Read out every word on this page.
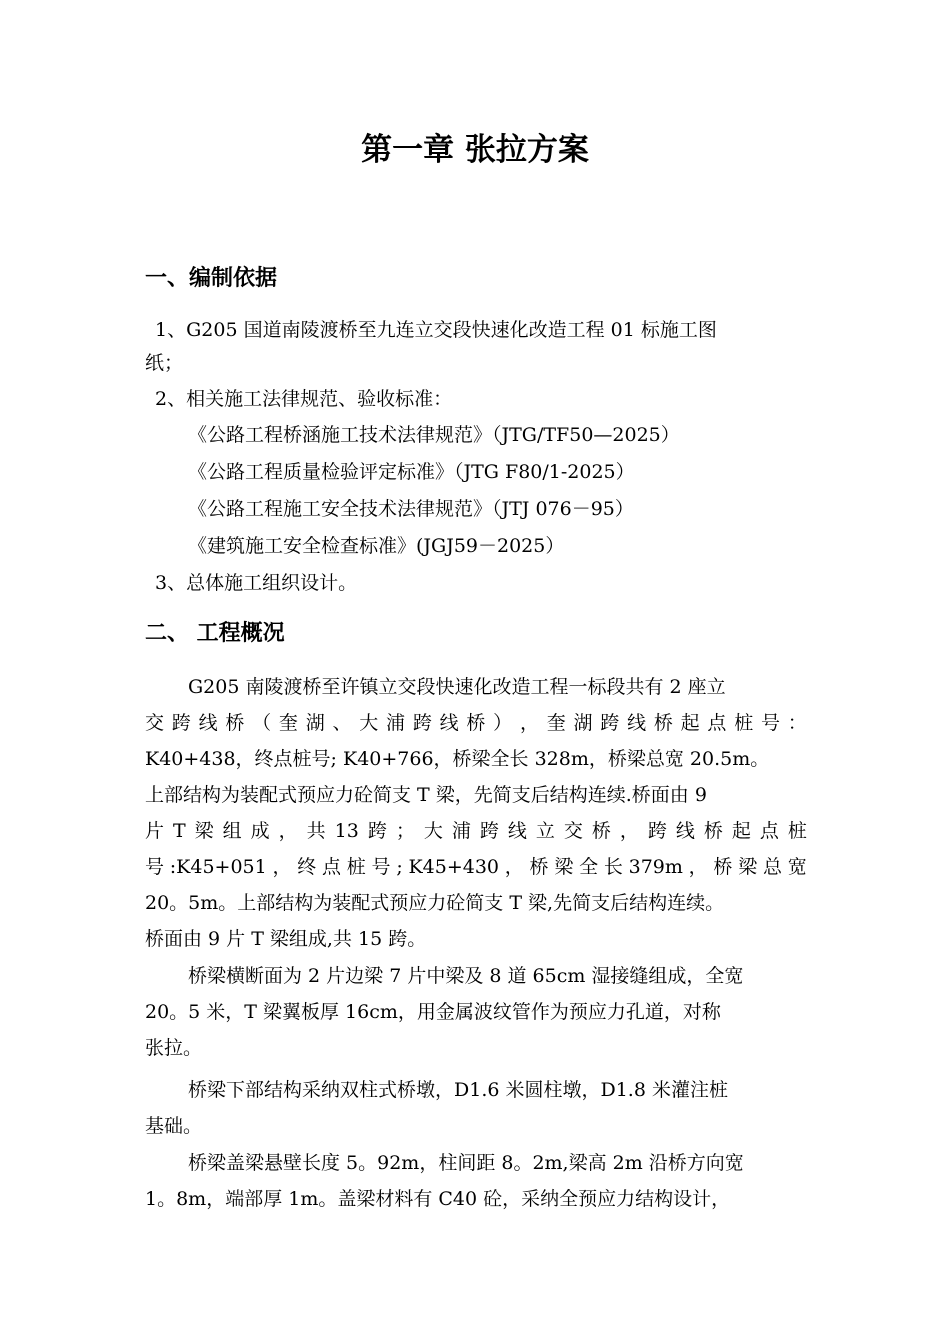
第一章 张拉方案
一、编制依据
1、G205 国道南陵渡桥至九连立交段快速化改造工程 01 标施工图
纸；
2、相关施工法律规范、验收标准：
《公路工程桥涵施工技术法律规范》（JTG/TF50—2025）
《公路工程质量检验评定标准》（JTG F80/1-2025）
《公路工程施工安全技术法律规范》（JTJ 076－95）
《建筑施工安全检查标准》(JGJ59－2025）
3、总体施工组织设计。
二、 工程概况
G205 南陵渡桥至许镇立交段快速化改造工程一标段共有 2 座立
交 跨 线 桥 （ 奎 湖 、 大 浦 跨 线 桥 ） ， 奎 湖 跨 线 桥 起 点 桩 号 ：
K40+438，终点桩号; K40+766，桥梁全长 328m，桥梁总宽 20.5m。
上部结构为装配式预应力砼简支 T 梁，先简支后结构连续.桥面由 9
片 T 梁 组 成 ， 共 13 跨 ； 大 浦 跨 线 立 交 桥 ， 跨 线 桥 起 点 桩
号 :K45+051 ， 终 点 桩 号 ; K45+430 ， 桥 梁 全 长 379m ， 桥 梁 总 宽
20。5m。上部结构为装配式预应力砼简支 T 梁,先简支后结构连续。
桥面由 9 片 T 梁组成,共 15 跨。
桥梁横断面为 2 片边梁 7 片中梁及 8 道 65cm 湿接缝组成，全宽
20。5 米，T 梁翼板厚 16cm，用金属波纹管作为预应力孔道，对称
张拉。
桥梁下部结构采纳双柱式桥墩，D1.6 米圆柱墩，D1.8 米灌注桩
基础。
桥梁盖梁悬壁长度 5。92m，柱间距 8。2m,梁高 2m 沿桥方向宽
1。8m，端部厚 1m。盖梁材料有 C40 砼，采纳全预应力结构设计，
